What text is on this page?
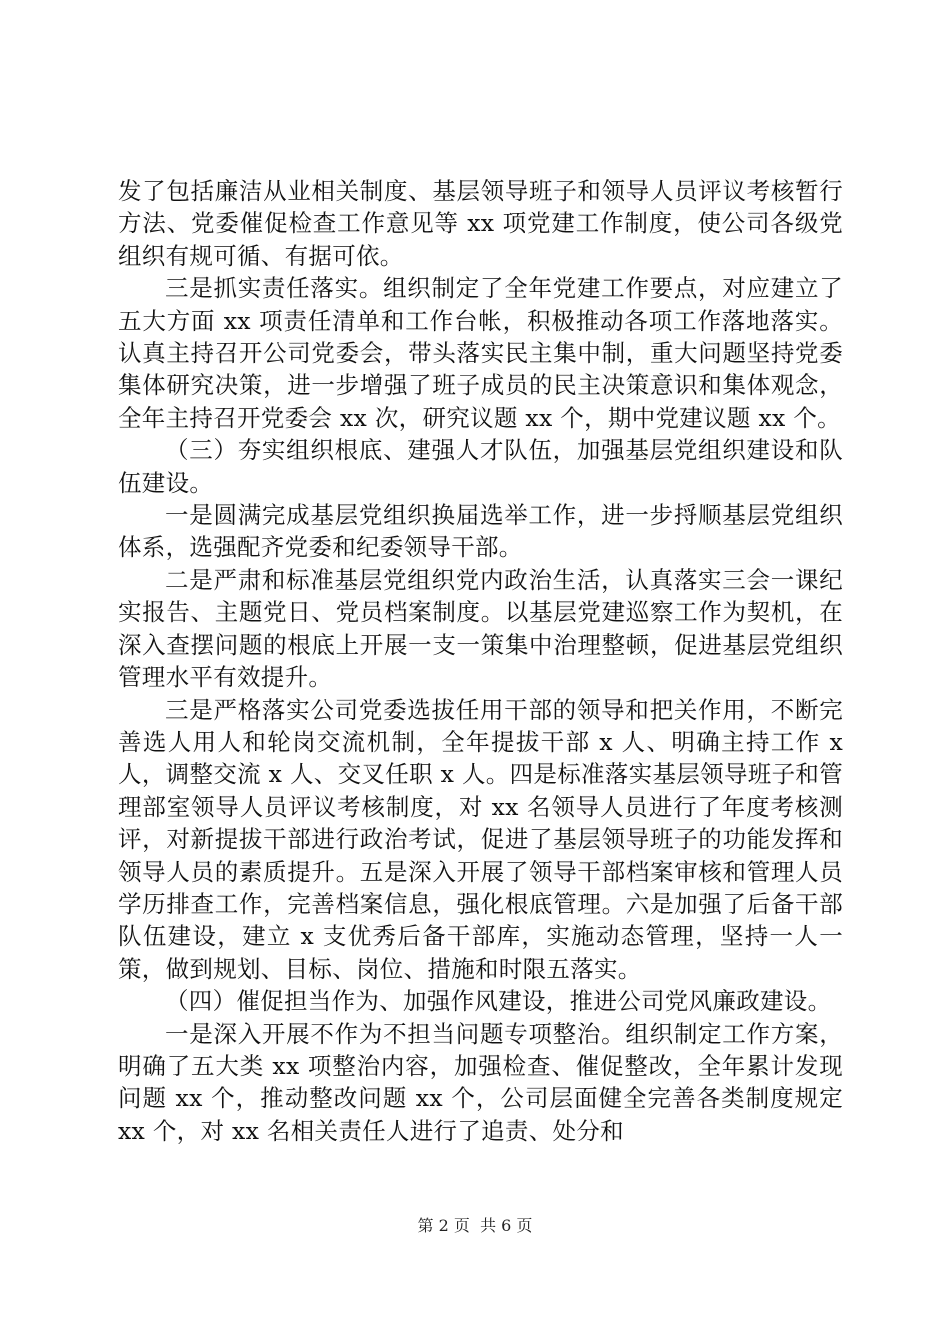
发了包括廉洁从业相关制度、基层领导班子和领导人员评议考核暂行方法、党委催促检查工作意见等 xx 项党建工作制度，使公司各级党组织有规可循、有据可依。

三是抓实责任落实。组织制定了全年党建工作要点，对应建立了五大方面 xx 项责任清单和工作台帐，积极推动各项工作落地落实。认真主持召开公司党委会，带头落实民主集中制，重大问题坚持党委集体研究决策，进一步增强了班子成员的民主决策意识和集体观念，全年主持召开党委会 xx 次，研究议题 xx 个，期中党建议题 xx 个。

（三）夯实组织根底、建强人才队伍，加强基层党组织建设和队伍建设。

一是圆满完成基层党组织换届选举工作，进一步捋顺基层党组织体系，选强配齐党委和纪委领导干部。

二是严肃和标准基层党组织党内政治生活，认真落实三会一课纪实报告、主题党日、党员档案制度。以基层党建巡察工作为契机，在深入查摆问题的根底上开展一支一策集中治理整顿，促进基层党组织管理水平有效提升。

三是严格落实公司党委选拔任用干部的领导和把关作用，不断完善选人用人和轮岗交流机制，全年提拔干部 x 人、明确主持工作 x 人，调整交流 x 人、交叉任职 x 人。四是标准落实基层领导班子和管理部室领导人员评议考核制度，对 xx 名领导人员进行了年度考核测评，对新提拔干部进行政治考试，促进了基层领导班子的功能发挥和领导人员的素质提升。五是深入开展了领导干部档案审核和管理人员学历排查工作，完善档案信息，强化根底管理。六是加强了后备干部队伍建设，建立 x 支优秀后备干部库，实施动态管理，坚持一人一策，做到规划、目标、岗位、措施和时限五落实。

（四）催促担当作为、加强作风建设，推进公司党风廉政建设。

一是深入开展不作为不担当问题专项整治。组织制定工作方案，明确了五大类 xx 项整治内容，加强检查、催促整改，全年累计发现问题 xx 个，推动整改问题 xx 个，公司层面健全完善各类制度规定 xx 个，对 xx 名相关责任人进行了追责、处分和

第 2 页 共 6 页
